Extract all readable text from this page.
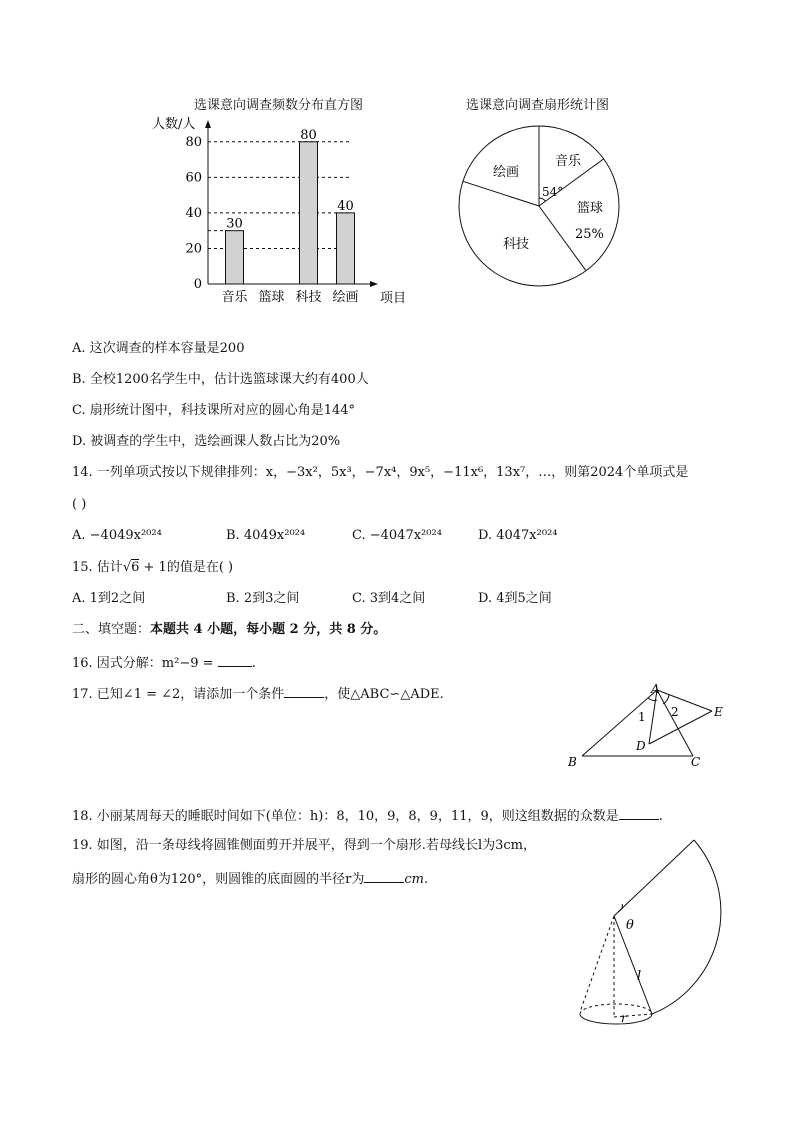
选课意向调查频数分布直方图
人数/人
0
20
40
60
80
30
80
40
音乐 篮球 科技 绘画 项目
选课意向调查扇形统计图
音乐
篮球
25%
科技
绘画
54°
A. 这次调查的样本容量是200
B. 全校1200名学生中，估计选篮球课大约有400人
C. 扇形统计图中，科技课所对应的圆心角是144°
D. 被调查的学生中，选绘画课人数占比为20%
14. 一列单项式按以下规律排列：x，−3x²，5x³，−7x⁴，9x⁵，−11x⁶，13x⁷，…，则第2024个单项式是
( )
A. −4049x²⁰²⁴	B. 4049x²⁰²⁴	C. −4047x²⁰²⁴	D. 4047x²⁰²⁴
15. 估计√6 + 1的值是在( )
A. 1到2之间	B. 2到3之间	C. 3到4之间	D. 4到5之间
二、填空题：本题共 4 小题，每小题 2 分，共 8 分。
16. 因式分解：m²−9 =	.
17. 已知∠1 = ∠2，请添加一个条件	，使△ABC∽△ADE.	A
E
1 2
D
B	C
18. 小丽某周每天的睡眠时间如下(单位：h)：8，10，9，8，9，11，9，则这组数据的众数是	.
19. 如图，沿一条母线将圆锥侧面剪开并展平，得到一个扇形.若母线长l为3cm，
扇形的圆心角θ为120°，则圆锥的底面圆的半径r为	cm.
θ
l
r
